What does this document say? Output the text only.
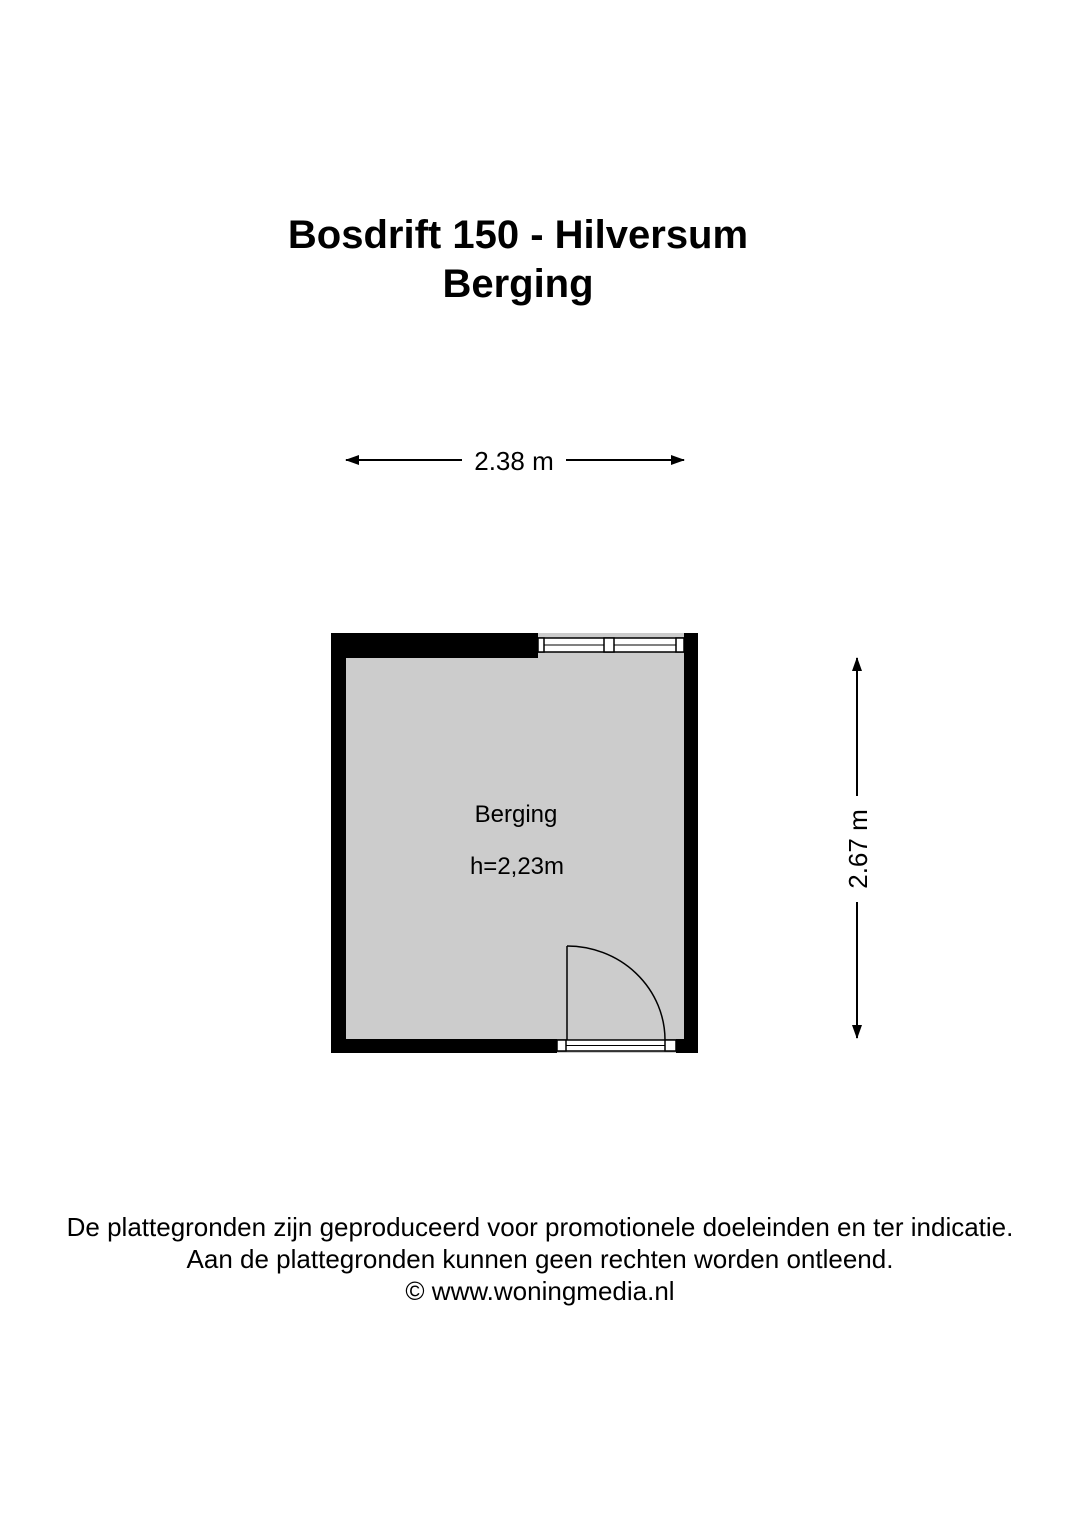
Bosdrift 150 - Hilversum
Berging
2.38 m
2.67 m
Berging
h=2,23m

De plattegronden zijn geproduceerd voor promotionele doeleinden en ter indicatie.

Aan de plattegronden kunnen geen rechten worden ontleend.

© www.woningmedia.nl
